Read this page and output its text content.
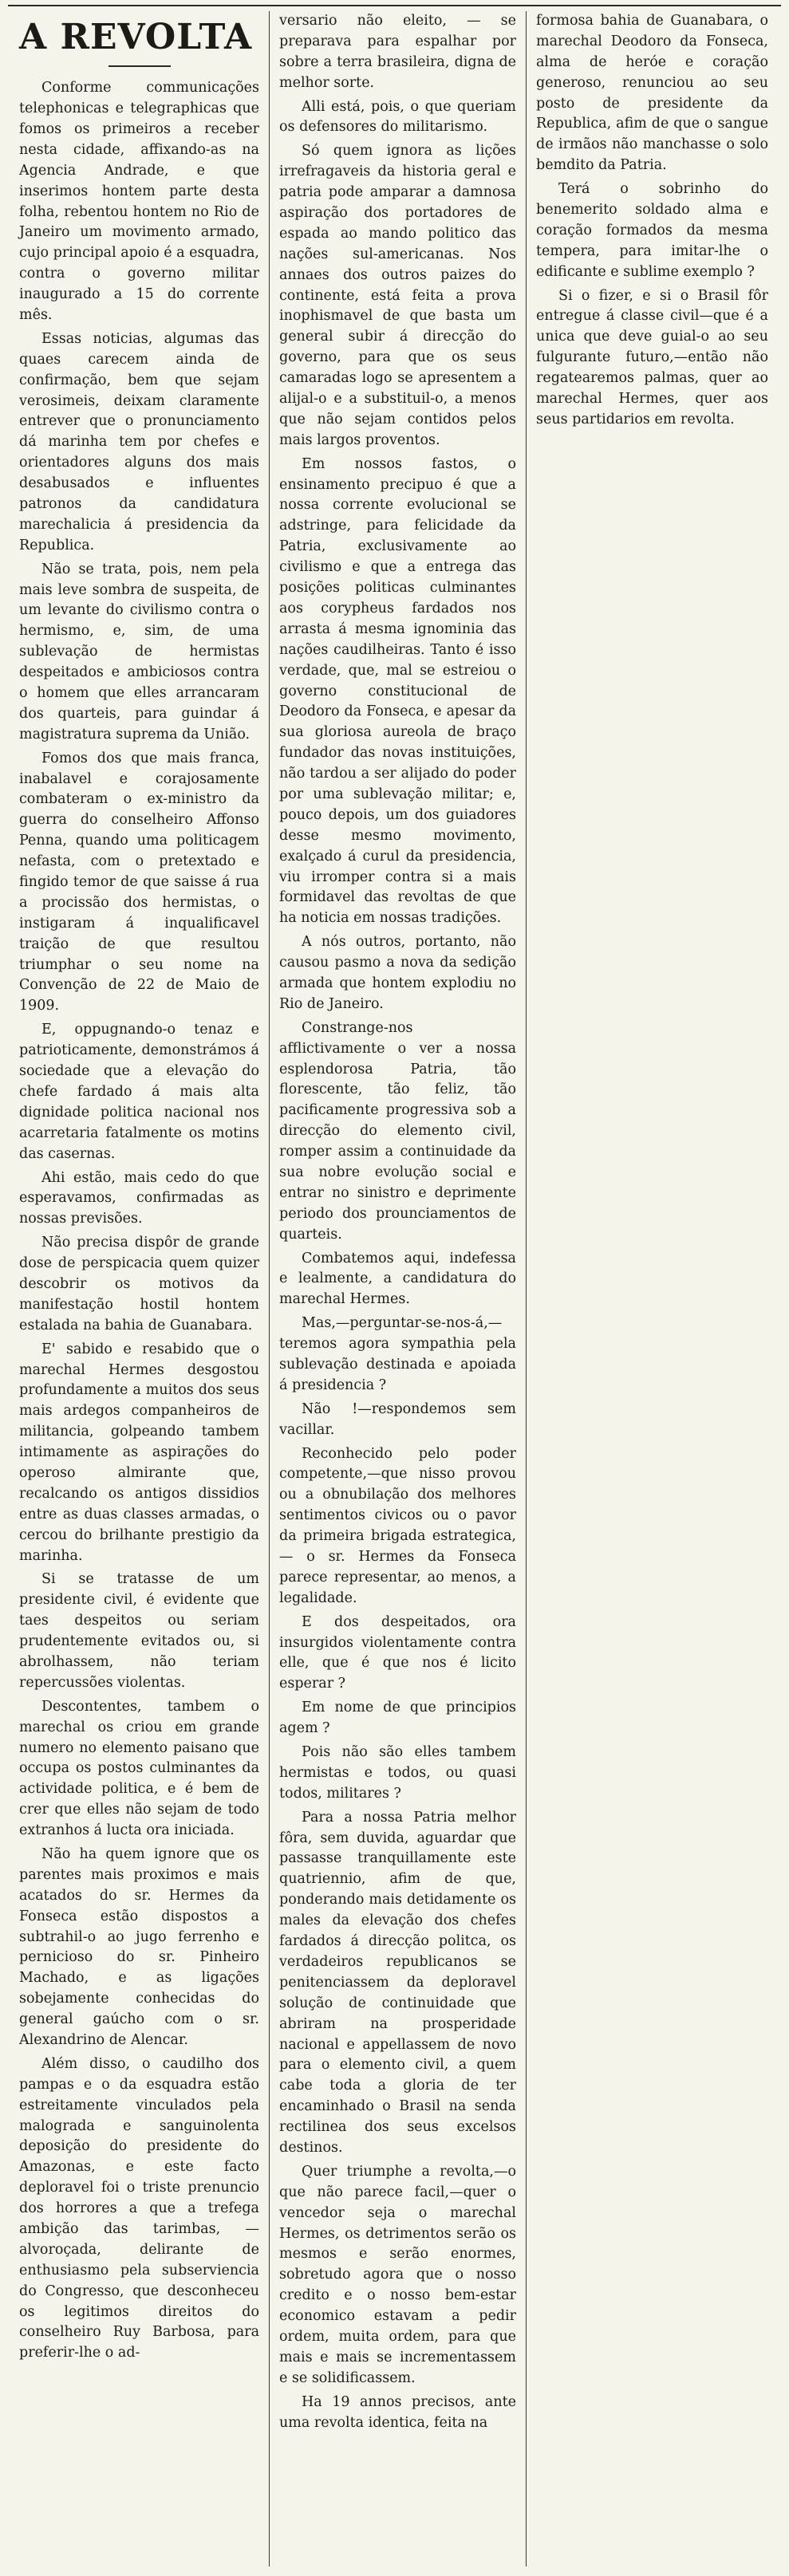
A REVOLTA

Conforme communicações telephonicas e telegraphicas que fomos os primeiros a receber nesta cidade, affixando-as na Agencia Andrade, e que inserimos hontem parte desta folha, rebentou hontem no Rio de Janeiro um movimento armado, cujo principal apoio é a esquadra, contra o governo militar inaugurado a 15 do corrente mês.

Essas noticias, algumas das quaes carecem ainda de confirmação, bem que sejam verosimeis, deixam claramente entrever que o pronunciamento dá marinha tem por chefes e orientadores alguns dos mais desabusados e influentes patronos da candidatura marechalicia á presidencia da Republica.

Não se trata, pois, nem pela mais leve sombra de suspeita, de um levante do civilismo contra o hermismo, e, sim, de uma sublevação de hermistas despeitados e ambiciosos contra o homem que elles arrancaram dos quarteis, para guindar á magistratura suprema da União.

Fomos dos que mais franca, inabalavel e corajosamente combateram o ex-ministro da guerra do conselheiro Affonso Penna, quando uma politicagem nefasta, com o pretextado e fingido temor de que saisse á rua a procissão dos hermistas, o instigaram á inqualificavel traição de que resultou triumphar o seu nome na Convenção de 22 de Maio de 1909.

E, oppugnando-o tenaz e patrioticamente, demonstrámos á sociedade que a elevação do chefe fardado á mais alta dignidade politica nacional nos acarretaria fatalmente os motins das casernas.

Ahi estão, mais cedo do que esperavamos, confirmadas as nossas previsões.

Não precisa dispôr de grande dose de perspicacia quem quizer descobrir os motivos da manifestação hostil hontem estalada na bahia de Guanabara.

E' sabido e resabido que o marechal Hermes desgostou profundamente a muitos dos seus mais ardegos companheiros de militancia, golpeando tambem intimamente as aspirações do operoso almirante que, recalcando os antigos dissidios entre as duas classes armadas, o cercou do brilhante prestigio da marinha.

Si se tratasse de um presidente civil, é evidente que taes despeitos ou seriam prudentemente evitados ou, si abrolhassem, não teriam repercussões violentas.

Descontentes, tambem o marechal os criou em grande numero no elemento paisano que occupa os postos culminantes da actividade politica, e é bem de crer que elles não sejam de todo extranhos á lucta ora iniciada.

Não ha quem ignore que os parentes mais proximos e mais acatados do sr. Hermes da Fonseca estão dispostos a subtrahil-o ao jugo ferrenho e pernicioso do sr. Pinheiro Machado, e as ligações sobejamente conhecidas do general gaúcho com o sr. Alexandrino de Alencar.

Além disso, o caudilho dos pampas e o da esquadra estão estreitamente vinculados pela malograda e sanguinolenta deposição do presidente do Amazonas, e este facto deploravel foi o triste prenuncio dos horrores a que a trefega ambição das tarimbas, — alvoroçada, delirante de enthusiasmo pela subserviencia do Congresso, que desconheceu os legitimos direitos do conselheiro Ruy Barbosa, para preferir-lhe o ad-

versario não eleito, — se preparava para espalhar por sobre a terra brasileira, digna de melhor sorte.

Alli está, pois, o que queriam os defensores do militarismo.

Só quem ignora as lições irrefragaveis da historia geral e patria pode amparar a damnosa aspiração dos portadores de espada ao mando politico das nações sul-americanas. Nos annaes dos outros paizes do continente, está feita a prova inophismavel de que basta um general subir á direcção do governo, para que os seus camaradas logo se apresentem a alijal-o e a substituil-o, a menos que não sejam contidos pelos mais largos proventos.

Em nossos fastos, o ensinamento precipuo é que a nossa corrente evolucional se adstringe, para felicidade da Patria, exclusivamente ao civilismo e que a entrega das posições politicas culminantes aos corypheus fardados nos arrasta á mesma ignominia das nações caudilheiras. Tanto é isso verdade, que, mal se estreiou o governo constitucional de Deodoro da Fonseca, e apesar da sua gloriosa aureola de braço fundador das novas instituições, não tardou a ser alijado do poder por uma sublevação militar; e, pouco depois, um dos guiadores desse mesmo movimento, exalçado á curul da presidencia, viu irromper contra si a mais formidavel das revoltas de que ha noticia em nossas tradições.

A nós outros, portanto, não causou pasmo a nova da sedição armada que hontem explodiu no Rio de Janeiro.

Constrange-nos afflictivamente o ver a nossa esplendorosa Patria, tão florescente, tão feliz, tão pacificamente progressiva sob a direcção do elemento civil, romper assim a continuidade da sua nobre evolução social e entrar no sinistro e deprimente periodo dos prounciamentos de quarteis.

Combatemos aqui, indefessa e lealmente, a candidatura do marechal Hermes.

Mas,—perguntar-se-nos-á,— teremos agora sympathia pela sublevação destinada e apoiada á presidencia ?

Não !—respondemos sem vacillar.

Reconhecido pelo poder competente,—que nisso provou ou a obnubilação dos melhores sentimentos civicos ou o pavor da primeira brigada estrategica,— o sr. Hermes da Fonseca parece representar, ao menos, a legalidade.

E dos despeitados, ora insurgidos violentamente contra elle, que é que nos é licito esperar ?

Em nome de que principios agem ?

Pois não são elles tambem hermistas e todos, ou quasi todos, militares ?

Para a nossa Patria melhor fôra, sem duvida, aguardar que passasse tranquillamente este quatriennio, afim de que, ponderando mais detidamente os males da elevação dos chefes fardados á direcção politca, os verdadeiros republicanos se penitenciassem da deploravel solução de continuidade que abriram na prosperidade nacional e appellassem de novo para o elemento civil, a quem cabe toda a gloria de ter encaminhado o Brasil na senda rectilinea dos seus excelsos destinos.

Quer triumphe a revolta,—o que não parece facil,—quer o vencedor seja o marechal Hermes, os detrimentos serão os mesmos e serão enormes, sobretudo agora que o nosso credito e o nosso bem-estar economico estavam a pedir ordem, muita ordem, para que mais e mais se incrementassem e se solidificassem.

Ha 19 annos precisos, ante uma revolta identica, feita na

formosa bahia de Guanabara, o marechal Deodoro da Fonseca, alma de heróe e coração generoso, renunciou ao seu posto de presidente da Republica, afim de que o sangue de irmãos não manchasse o solo bemdito da Patria.

Terá o sobrinho do benemerito soldado alma e coração formados da mesma tempera, para imitar-lhe o edificante e sublime exemplo ?

Si o fizer, e si o Brasil fôr entregue á classe civil—que é a unica que deve guial-o ao seu fulgurante futuro,—então não regatearemos palmas, quer ao marechal Hermes, quer aos seus partidarios em revolta.
